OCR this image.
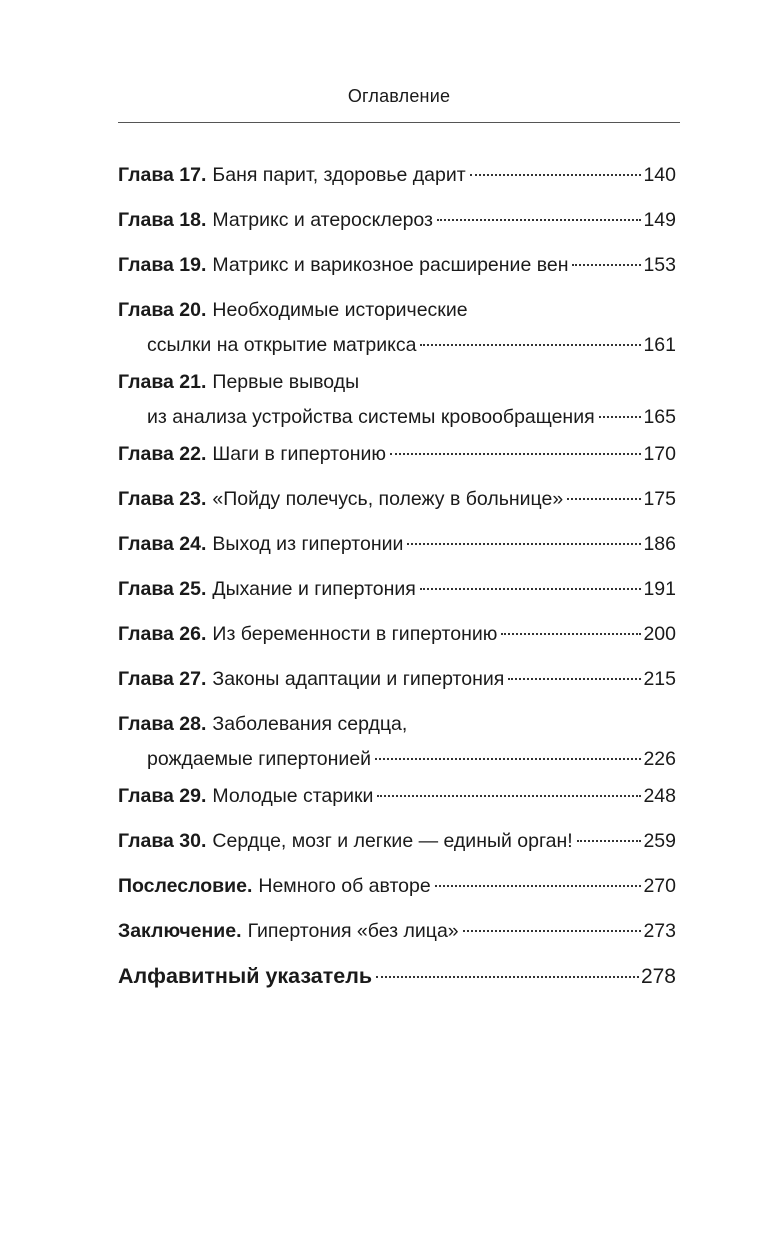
Оглавление
Глава 17. Баня парит, здоровье дарит	140
Глава 18. Матрикс и атеросклероз	149
Глава 19. Матрикс и варикозное расширение вен	153
Глава 20. Необходимые исторические
ссылки на открытие матрикса	161
Глава 21. Первые выводы
из анализа устройства системы кровообращения	165
Глава 22. Шаги в гипертонию	170
Глава 23. «Пойду полечусь, полежу в больнице»	175
Глава 24. Выход из гипертонии	186
Глава 25. Дыхание и гипертония	191
Глава 26. Из беременности в гипертонию	200
Глава 27. Законы адаптации и гипертония	215
Глава 28. Заболевания сердца,
рождаемые гипертонией	226
Глава 29. Молодые старики	248
Глава 30. Сердце, мозг и легкие — единый орган!	259
Послесловие. Немного об авторе	270
Заключение. Гипертония «без лица»	273
Алфавитный указатель	278
